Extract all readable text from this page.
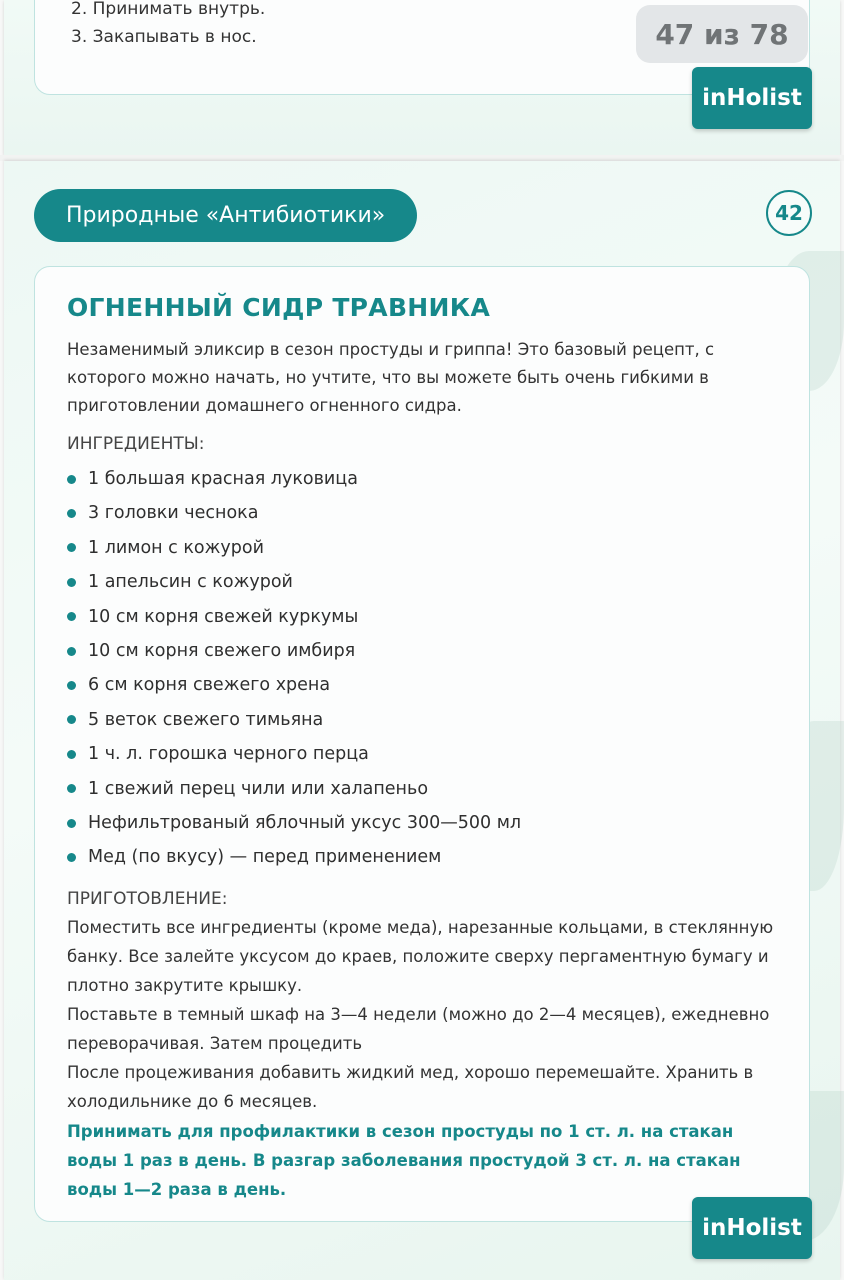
2. Принимать внутрь.
3. Закапывать в нос.
inHolist
47 из 78
Природные «Антибиотики»	42
ОГНЕННЫЙ СИДР ТРАВНИКА

Незаменимый эликсир в сезон простуды и гриппа! Это базовый рецепт, с которого можно начать, но учтите, что вы можете быть очень гибкими в приготовлении домашнего огненного сидра.

ИНГРЕДИЕНТЫ:
1 большая красная луковица
3 головки чеснока
1 лимон с кожурой
1 апельсин с кожурой
10 см корня свежей куркумы
10 см корня свежего имбиря
6 см корня свежего хрена
5 веток свежего тимьяна
1 ч. л. горошка черного перца
1 свежий перец чили или халапеньо
Нефильтрованый яблочный уксус 300—500 мл
Мед (по вкусу) — перед применением
ПРИГОТОВЛЕНИЕ:

Поместить все ингредиенты (кроме меда), нарезанные кольцами, в стеклянную банку. Все залейте уксусом до краев, положите сверху пергаментную бумагу и плотно закрутите крышку.

Поставьте в темный шкаф на 3—4 недели (можно до 2—4 месяцев), ежедневно переворачивая. Затем процедить

После процеживания добавить жидкий мед, хорошо перемешайте. Хранить в холодильнике до 6 месяцев.

Принимать для профилактики в сезон простуды по 1 ст. л. на стакан воды 1 раз в день. В разгар заболевания простудой 3 ст. л. на стакан воды 1—2 раза в день.

inHolist
